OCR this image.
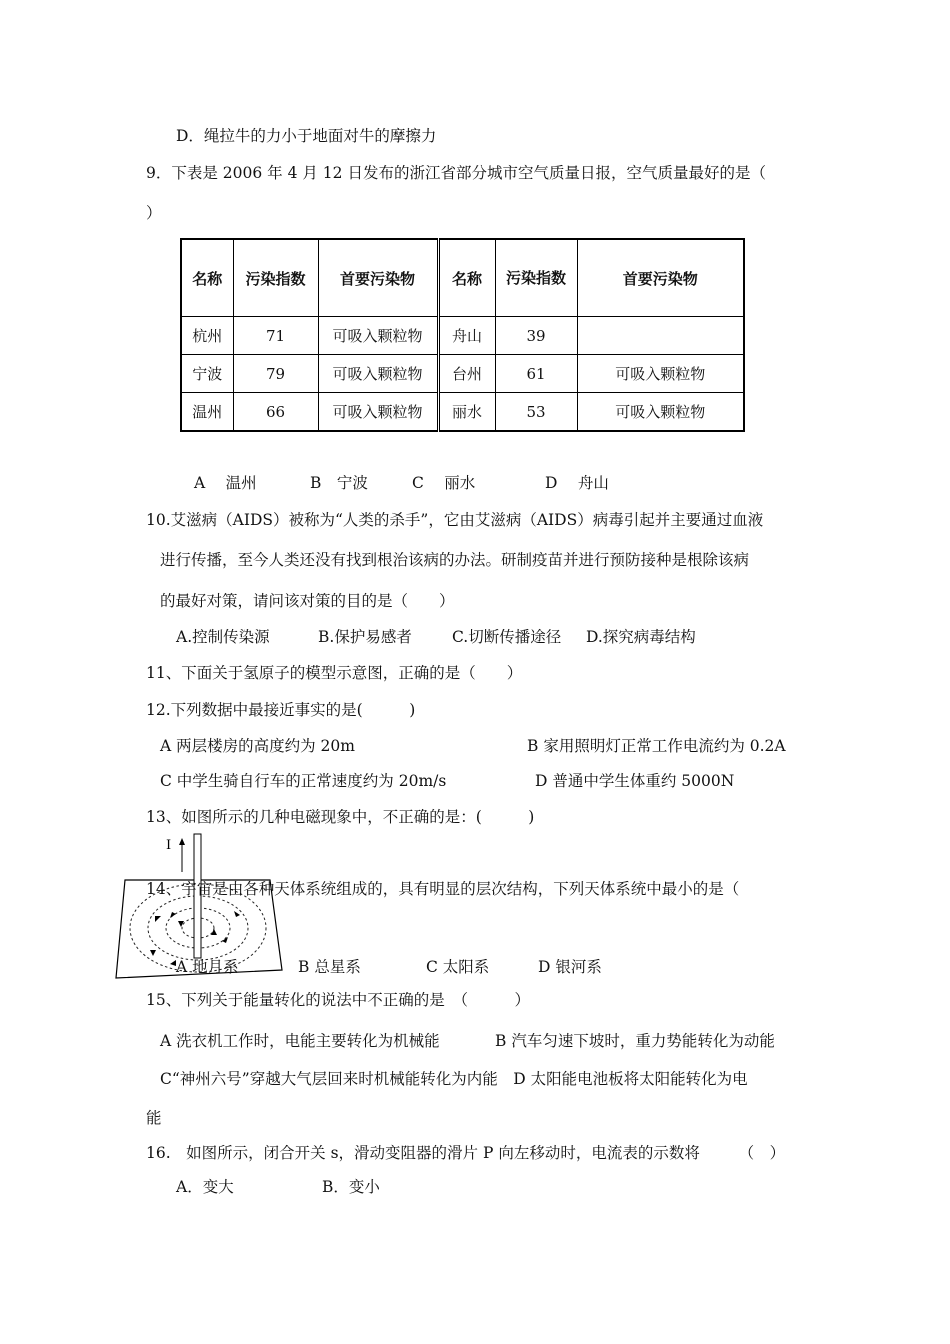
D．绳拉牛的力小于地面对牛的摩擦力
9．下表是 2006 年 4 月 12 日发布的浙江省部分城市空气质量日报，空气质量最好的是（
）
名称	污染指数	首要污染物	名称	污染指数	首要污染物
杭州	71	可吸入颗粒物	舟山	39	
宁波	79	可吸入颗粒物	台州	61	可吸入颗粒物
温州	66	可吸入颗粒物	丽水	53	可吸入颗粒物
A　 温州	B　宁波	C　 丽水	D　 舟山
10.艾滋病（AIDS）被称为“人类的杀手”，它由艾滋病（AIDS）病毒引起并主要通过血液
进行传播，至今人类还没有找到根治该病的办法。研制疫苗并进行预防接种是根除该病
的最好对策，请问该对策的目的是（　　）
A.控制传染源	B.保护易感者	C.切断传播途径 D.探究病毒结构
11、下面关于氢原子的模型示意图，正确的是（　　）
12.下列数据中最接近事实的是(　　　)
A 两层楼房的高度约为 20m	B 家用照明灯正常工作电流约为 0.2A
C 中学生骑自行车的正常速度约为 20m/s	D 普通中学生体重约 5000N
13、如图所示的几种电磁现象中，不正确的是：(　　　)
I
14、宇宙是由各种天体系统组成的，具有明显的层次结构，下列天体系统中最小的是（
A 地月系	B 总星系	C 太阳系	D 银河系
15、下列关于能量转化的说法中不正确的是　（　　　）
A 洗衣机工作时，电能主要转化为机械能	B 汽车匀速下坡时，重力势能转化为动能
C“神州六号”穿越大气层回来时机械能转化为内能　D 太阳能电池板将太阳能转化为电
能
16.　如图所示，闭合开关 s，滑动变阻器的滑片 P 向左移动时，电流表的示数将　　　（　）
A．变大	B．变小
